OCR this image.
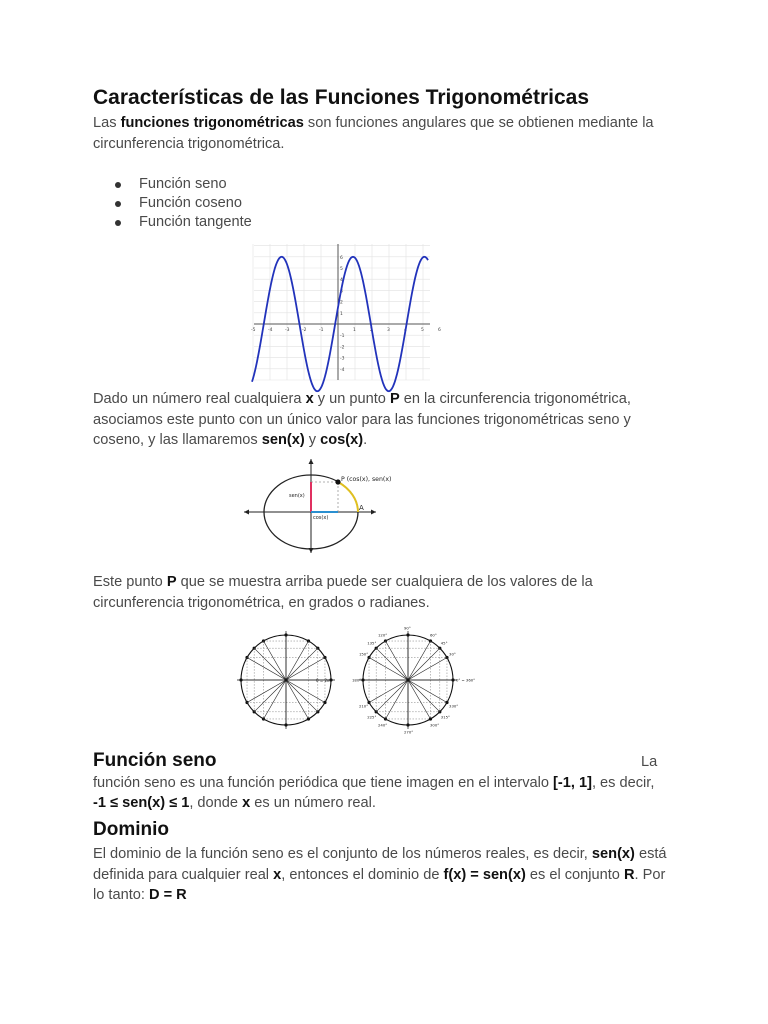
Características de las Funciones Trigonométricas

Las funciones trigonométricas son funciones angulares que se obtienen mediante la circunferencia trigonométrica.

Función seno
Función coseno
Función tangente
-5	-4	-3	-2	-1	1	2	3	4	5	6
6
5
4
3
2
1
-1
-2
-3
-4

Dado un número real cualquiera x y un punto P en la circunferencia trigonométrica, asociamos este punto con un único valor para las funciones trigonométricas seno y coseno, y las llamaremos sen(x) y cos(x).

P (cos(x), sen(x)
sen(x)
cos(x)
A

Este punto P que se muestra arriba puede ser cualquiera de los valores de la circunferencia trigonométrica, en grados o radianes.

0 = 2π
90°
60°
45°
30°
0° = 360°
330°
315°
300°
270°
240°
225°
210°
180°
150°
135°
120°
Función seno	La función seno es una función periódica que tiene imagen en el intervalo [-1, 1], es decir, -1 ≤ sen(x) ≤ 1, donde x es un número real.

Dominio

El dominio de la función seno es el conjunto de los números reales, es decir, sen(x) está definida para cualquier real x, entonces el dominio de f(x) = sen(x) es el conjunto R. Por lo tanto: D = R
